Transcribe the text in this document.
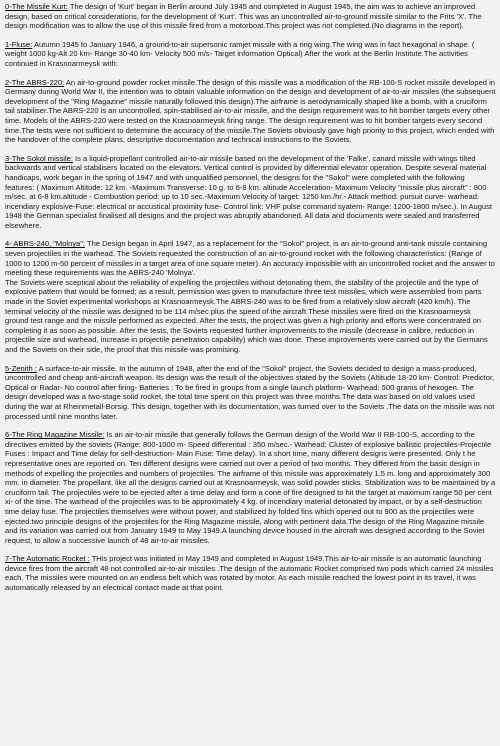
0-The Missile Kurt: The design of 'Kurt' began in Berlin around July 1945 and completed in August 1945, the aim was to achieve an improved design, based on critical considerations, for the development of 'Kurt'. This was an uncontrolled air-to-ground missile similar to the Frits 'X'. The design modification was to allow the use of this missile fired from a motorboat.This project was not completed.(No diagrams in the report).

1-Fluse: Autumn 1945 to January 1946, a ground-to-air supersonic ramjet missile with a ring wing.The wing was in fact hexagonal in shape. ( weight 1000 kg-Alt 20 km- Range 30-40 km- Velocity 500 m/s- Target information Optical) After the work at the Berlin Institute.The activities continued in Krasnoarmeysk with:

2-The ABRS-220: An air-to-ground powder rocket missile.The design of this missile was a modification of the RB-100-S rocket missile developed in Germany during World War II, the intention was to obtain valuable information on the design and development of air-to-air missiles (the subsequent development of the "Ring Magazine" missile naturally followed this design).The airframe is aerodynamically shaped like a bomb, with a cruciform tail stabiliser.The ABRS-220 is an uncontrolled, spin-stabilised air-to-air missile, and the design requirement was to hit bomber targets every other time. Models of the ABRS-220 were tested on the Krasnoarmeysk firing range. The design requirement was to hit bomber targets every second time.The tests were not sufficient to determine the accuracy of the missile.The Soviets obviously gave high priority to this project, which ended with the handover of the complete plans, descriptive documentation and technical instructions to the Soviets.

3-The Sokol missile: Is a liquid-propellant controlled air-to-air missile based on the development of the 'Falke'. canard missile with wings tilted backwards and vertical stabilisers located on the elevators. Vertical control is provided by differential elevator operation. Despite several material handicaps, work began in the spring of 1947 and with unqualified personnel, the designs for the "Sokol" were completed with the following features: ( Maximum Altitude: 12 km. -Maximum Transverse: 10 g. to 6-8 km. altitude Acceleration- Maximum Velocity "missile plus aircraft" : 800 m/sec. at 6-8 km.altitude - Combustion period: up to 10 sec.-Maximum Velocity of target: 1250 km./hr.- Attack method: pursuit curve- warhead: incendiary explosive-Fuse: electrical or accustical proximity fuse- Control link: VHF pulse command syatem- Range: 1200-1800 m/sec.). In August 1948 the German specialist finalised all designs and the project was abruptly abandoned. All data and documents were sealed and transferred elsewhere.

4- ABRS-240, "Molnya": The Design began in April 1947, as a replacement for the "Sokol" project, is an air-to-ground anti-tank missile containing seven projectiles in the warhead. The Soviets requested the construction of an air-to-ground rocket with the following characteristics: (Range of 1000 to 1200 m-50 percent of missiles in a target area of one square meter). An accuracy impossible with an uncontrolled rocket and the answer to meeting these requirements was the ABRS-240 'Molnya'.

The Soviets were sceptical about the reliability of expelling the projectiles without detonating them, the stability of the projectile and the type of explosive pattern that would be formed; as a result, permission was given to manufacture three test missiles, which were assembled from parts made in the Soviet experimental workshops at Krasnoarmeysk.The ABRS-240 was to be fired from a relatively slow aircraft (420 km/h). The terminal velocity of the missile was designed to be 114 m/sec plus the speed of the aircraft.These missiles were fired on the Krasnoarmeysk ground test range and the missile performed as expected. After the tests, the project was given a high priority and efforts were concentrated on completing it as soon as possible. After the tests, the Soviets requested further improvements to the missile (decrease in calibre, reduction in projectile size and warhead, increase in projectile penetration capability) which was done. These improvements were carried out by the Germans and the Soviets on their side, the proof that this missile was promising.

5-Zenith : A surface-to-air missile. In the autumn of 1948, after the end of the "Sokol" project, the Soviets decided to design a mass-produced, uncontrolled and cheap anti-aircraft weapon. Its design was the result of the objectives stated by the Soviets (Altitude 18-20 km- Control: Predictor, Optical or Radar- No control after firing- Batteries : To be fired in groups from a single launch platform- Warhead: 500 grams of hexogen. The design developed was a two-stage solid rocket, the total time spent on this project was three months.The data was based on old values used during the war at Rheinmetall-Borsig. This design, together with its documentation, was turned over to the Soviets .The data on the missile was not processed until nine months later.

6-The Ring Magazine Missile: Is an air-to-air missile that generally follows the German design of the World War II RB-100-S, according to the directives emitted by the soviets (Range: 800-1000 m- Speed differential : 350 m/sec.- Warhead: Cluster of explosive ballistic projectiles-Projectile Fuses : Impact and Time delay for self-destruction- Main Fuse: Time delay). In a short time, many different designs were presented. Only t he representative ones are reported on. Ten different designs were carried out over a period of two months. They differed from the basic design in methods of expelling the projectiles and numbers of projectiles. The airframe of this missile was approximately 1.5 m. long and approximately 300 mm. in diameter. The propellant, like all the designs carried out at Krasnoarmeysk, was solid powder sticks. Stabilization was to be maintained by a cruciform tail. The projectiles were to be ejected after a time delay and form a cone of fire designed to hit the target at maximum range 50 per cent xi- of the time. The warhead of the projectiles was to be approximately 4 kg. of incendiary material detonated by impact, or by a self-destruction time delay fuse. The projectiles themselves were without power, and stabilized by folded fins which opened out to 900 as the projectiles were ejected.two principle designs of the projectiles for the Ring Magazine missile, along with pertinent data.The design of the Ring Magazine missile and its variation was carried out from January 1949 to May 1949.A launching device housed in the aircraft was designed according to the Soviet request, to allow a successive launch of 48 air-to-air missiles.

7-The Automatic Rocket : THis project was initiated in May 1949 and completed in August 1949.This air-to-air missile is an automatic launching device fires from the aircraft 48 not controlled air-to-air missiles .The design of the automatic Rocket comprised two pods which carried 24 missiles each. The missiles were mounted on an endless belt which was rotated by motor. As each missile reached the lowest point in its travel, it was automatically released by an electrical contact made at that point.
